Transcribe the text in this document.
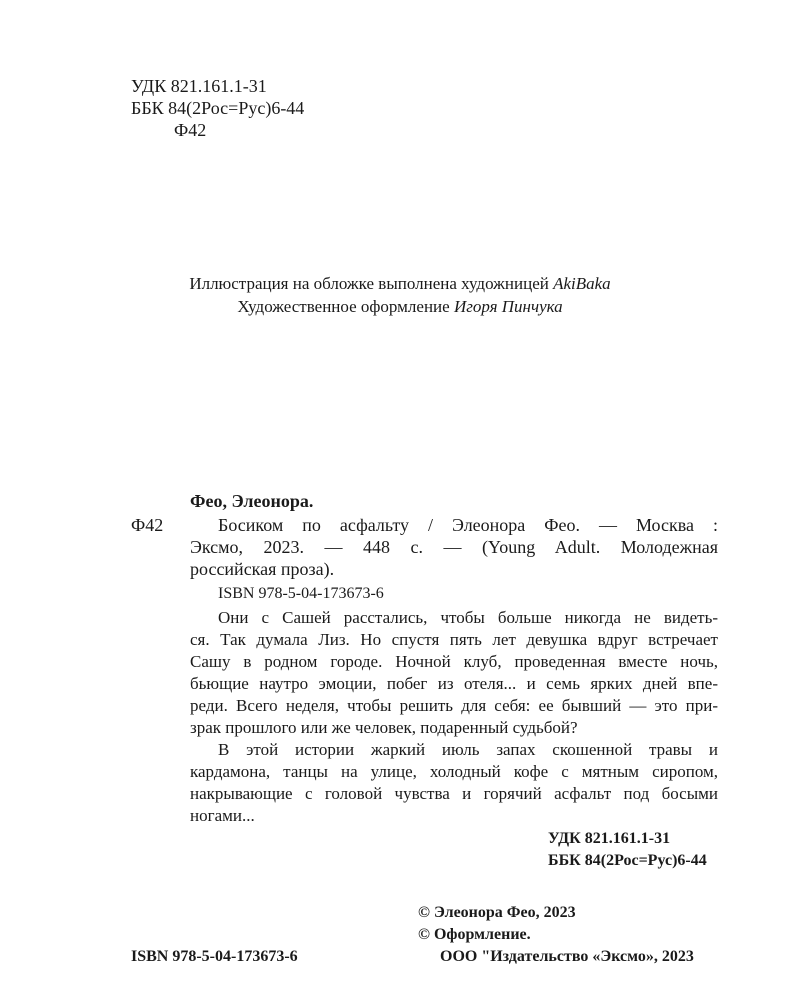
УДК 821.161.1-31
ББК 84(2Рос=Рус)6-44
Ф42
Иллюстрация на обложке выполнена художницей AkiBaka
Художественное оформление Игоря Пинчука
Фео, Элеонора.
Ф42	Босиком по асфальту / Элеонора Фео. — Москва :
Эксмо, 2023. — 448 с. — (Young Adult. Молодежная
российская проза).
ISBN 978-5-04-173673-6
Они с Сашей расстались, чтобы больше никогда не видеть-
ся. Так думала Лиз. Но спустя пять лет девушка вдруг встречает
Сашу в родном городе. Ночной клуб, проведенная вместе ночь,
бьющие наутро эмоции, побег из отеля... и семь ярких дней впе-
реди. Всего неделя, чтобы решить для себя: ее бывший — это при-
зрак прошлого или же человек, подаренный судьбой?
В этой истории жаркий июль запах скошенной травы и
кардамона, танцы на улице, холодный кофе с мятным сиропом,
накрывающие с головой чувства и горячий асфальт под босыми
ногами...
УДК 821.161.1-31
ББК 84(2Рос=Рус)6-44
© Элеонора Фео, 2023
© Оформление.
ООО "Издательство «Эксмо», 2023
ISBN 978-5-04-173673-6
